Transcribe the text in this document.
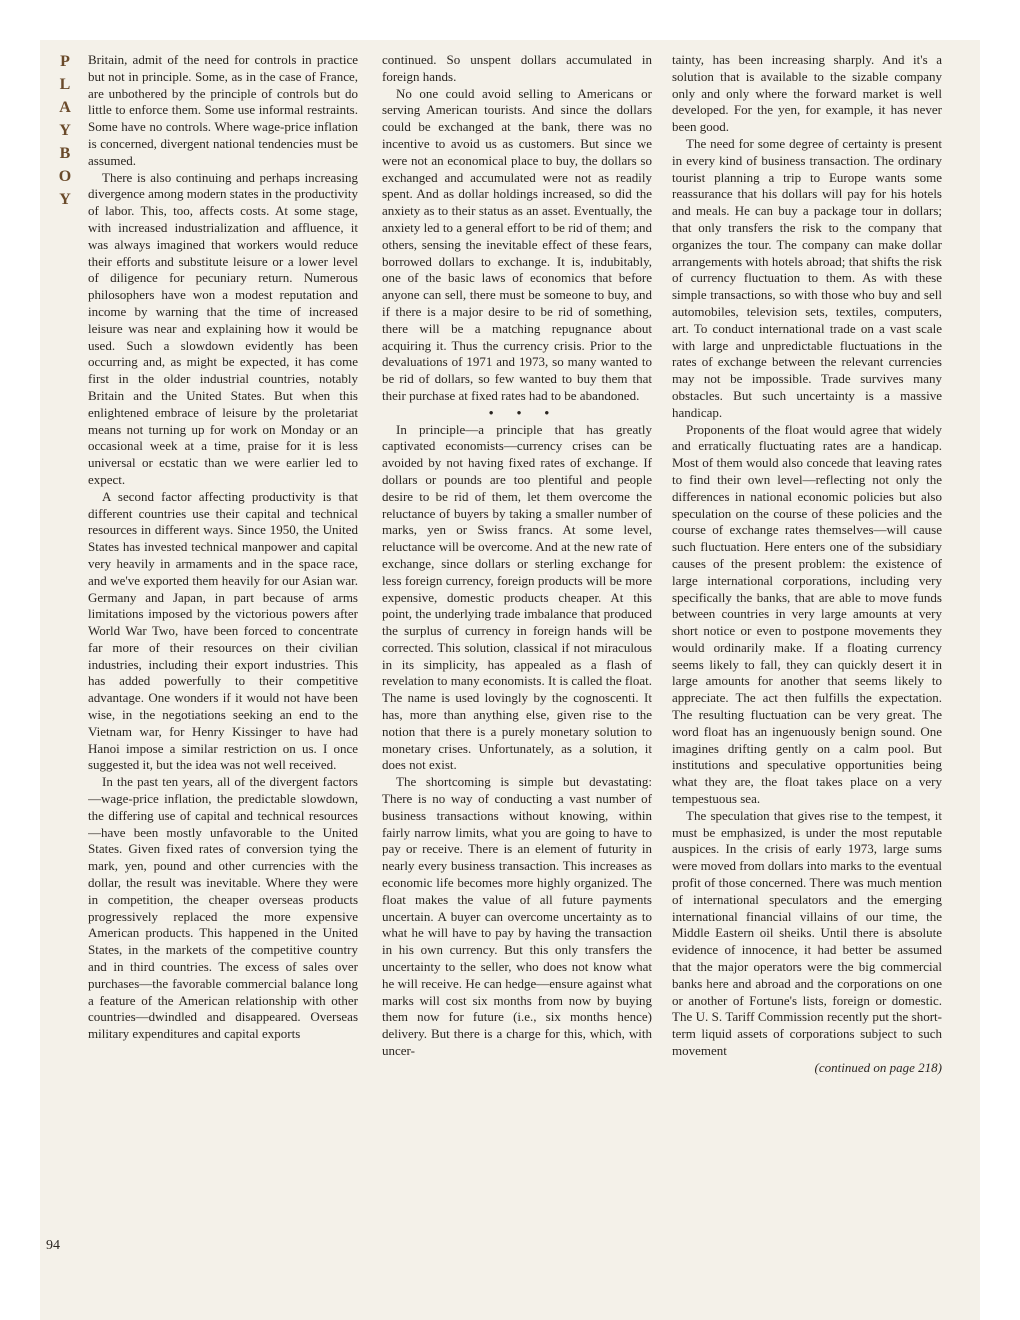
P
L
A
Y
B
O
Y

Britain, admit of the need for controls in practice but not in principle. Some, as in the case of France, are unbothered by the principle of controls but do little to enforce them. Some use informal restraints. Some have no controls. Where wage-price inflation is concerned, divergent national tendencies must be assumed.

There is also continuing and perhaps increasing divergence among modern states in the productivity of labor. This, too, affects costs. At some stage, with increased industrialization and affluence, it was always imagined that workers would reduce their efforts and substitute leisure or a lower level of diligence for pecuniary return. Numerous philosophers have won a modest reputation and income by warning that the time of increased leisure was near and explaining how it would be used. Such a slowdown evidently has been occurring and, as might be expected, it has come first in the older industrial countries, notably Britain and the United States. But when this enlightened embrace of leisure by the proletariat means not turning up for work on Monday or an occasional week at a time, praise for it is less universal or ecstatic than we were earlier led to expect.

A second factor affecting productivity is that different countries use their capital and technical resources in different ways. Since 1950, the United States has invested technical manpower and capital very heavily in armaments and in the space race, and we've exported them heavily for our Asian war. Germany and Japan, in part because of arms limitations imposed by the victorious powers after World War Two, have been forced to concentrate far more of their resources on their civilian industries, including their export industries. This has added powerfully to their competitive advantage. One wonders if it would not have been wise, in the negotiations seeking an end to the Vietnam war, for Henry Kissinger to have had Hanoi impose a similar restriction on us. I once suggested it, but the idea was not well received.

In the past ten years, all of the divergent factors—wage-price inflation, the predictable slowdown, the differing use of capital and technical resources—have been mostly unfavorable to the United States. Given fixed rates of conversion tying the mark, yen, pound and other currencies with the dollar, the result was inevitable. Where they were in competition, the cheaper overseas products progressively replaced the more expensive American products. This happened in the United States, in the markets of the competitive country and in third countries. The excess of sales over purchases—the favorable commercial balance long a feature of the American relationship with other countries—dwindled and disappeared. Overseas military expenditures and capital exports

continued. So unspent dollars accumulated in foreign hands.

No one could avoid selling to Americans or serving American tourists. And since the dollars could be exchanged at the bank, there was no incentive to avoid us as customers. But since we were not an economical place to buy, the dollars so exchanged and accumulated were not as readily spent. And as dollar holdings increased, so did the anxiety as to their status as an asset. Eventually, the anxiety led to a general effort to be rid of them; and others, sensing the inevitable effect of these fears, borrowed dollars to exchange. It is, indubitably, one of the basic laws of economics that before anyone can sell, there must be someone to buy, and if there is a major desire to be rid of something, there will be a matching repugnance about acquiring it. Thus the currency crisis. Prior to the devaluations of 1971 and 1973, so many wanted to be rid of dollars, so few wanted to buy them that their purchase at fixed rates had to be abandoned.

• • •

In principle—a principle that has greatly captivated economists—currency crises can be avoided by not having fixed rates of exchange. If dollars or pounds are too plentiful and people desire to be rid of them, let them overcome the reluctance of buyers by taking a smaller number of marks, yen or Swiss francs. At some level, reluctance will be overcome. And at the new rate of exchange, since dollars or sterling exchange for less foreign currency, foreign products will be more expensive, domestic products cheaper. At this point, the underlying trade imbalance that produced the surplus of currency in foreign hands will be corrected. This solution, classical if not miraculous in its simplicity, has appealed as a flash of revelation to many economists. It is called the float. The name is used lovingly by the cognoscenti. It has, more than anything else, given rise to the notion that there is a purely monetary solution to monetary crises. Unfortunately, as a solution, it does not exist.

The shortcoming is simple but devastating: There is no way of conducting a vast number of business transactions without knowing, within fairly narrow limits, what you are going to have to pay or receive. There is an element of futurity in nearly every business transaction. This increases as economic life becomes more highly organized. The float makes the value of all future payments uncertain. A buyer can overcome uncertainty as to what he will have to pay by having the transaction in his own currency. But this only transfers the uncertainty to the seller, who does not know what he will receive. He can hedge—ensure against what marks will cost six months from now by buying them now for future (i.e., six months hence) delivery. But there is a charge for this, which, with uncer-

tainty, has been increasing sharply. And it's a solution that is available to the sizable company only and only where the forward market is well developed. For the yen, for example, it has never been good.

The need for some degree of certainty is present in every kind of business transaction. The ordinary tourist planning a trip to Europe wants some reassurance that his dollars will pay for his hotels and meals. He can buy a package tour in dollars; that only transfers the risk to the company that organizes the tour. The company can make dollar arrangements with hotels abroad; that shifts the risk of currency fluctuation to them. As with these simple transactions, so with those who buy and sell automobiles, television sets, textiles, computers, art. To conduct international trade on a vast scale with large and unpredictable fluctuations in the rates of exchange between the relevant currencies may not be impossible. Trade survives many obstacles. But such uncertainty is a massive handicap.

Proponents of the float would agree that widely and erratically fluctuating rates are a handicap. Most of them would also concede that leaving rates to find their own level—reflecting not only the differences in national economic policies but also speculation on the course of these policies and the course of exchange rates themselves—will cause such fluctuation. Here enters one of the subsidiary causes of the present problem: the existence of large international corporations, including very specifically the banks, that are able to move funds between countries in very large amounts at very short notice or even to postpone movements they would ordinarily make. If a floating currency seems likely to fall, they can quickly desert it in large amounts for another that seems likely to appreciate. The act then fulfills the expectation. The resulting fluctuation can be very great. The word float has an ingenuously benign sound. One imagines drifting gently on a calm pool. But institutions and speculative opportunities being what they are, the float takes place on a very tempestuous sea.

The speculation that gives rise to the tempest, it must be emphasized, is under the most reputable auspices. In the crisis of early 1973, large sums were moved from dollars into marks to the eventual profit of those concerned. There was much mention of international speculators and the emerging international financial villains of our time, the Middle Eastern oil sheiks. Until there is absolute evidence of innocence, it had better be assumed that the major operators were the big commercial banks here and abroad and the corporations on one or another of Fortune's lists, foreign or domestic. The U. S. Tariff Commission recently put the short-term liquid assets of corporations subject to such movement

(continued on page 218)

94
